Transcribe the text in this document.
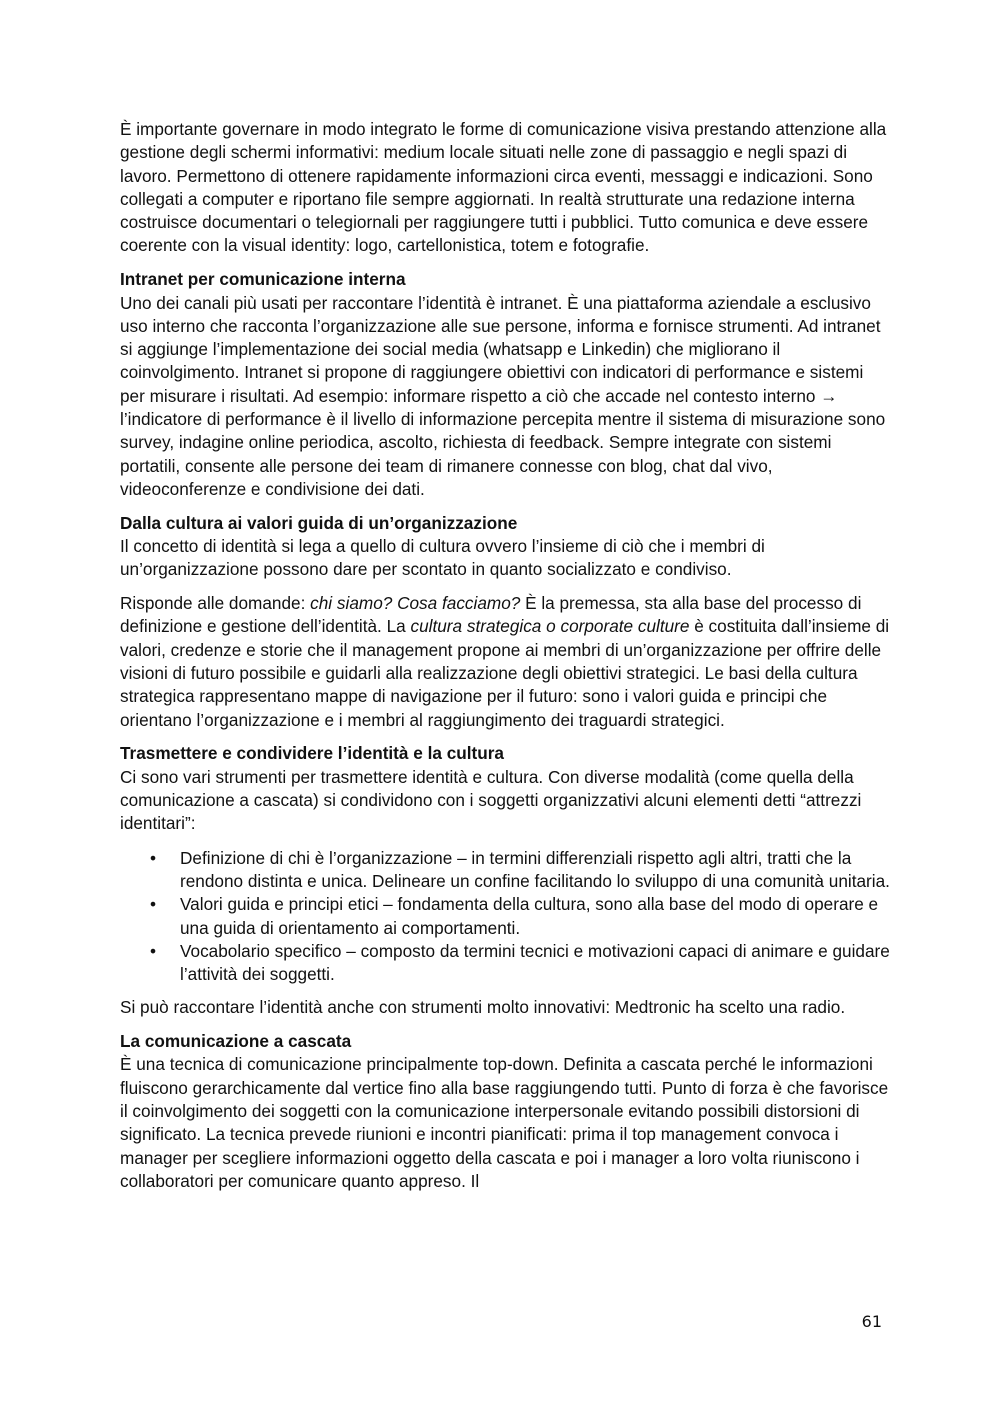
È importante governare in modo integrato le forme di comunicazione visiva prestando attenzione alla gestione degli schermi informativi: medium locale situati nelle zone di passaggio e negli spazi di lavoro. Permettono di ottenere rapidamente informazioni circa eventi, messaggi e indicazioni. Sono collegati a computer e riportano file sempre aggiornati. In realtà strutturate una redazione interna costruisce documentari o telegiornali per raggiungere tutti i pubblici. Tutto comunica e deve essere coerente con la visual identity: logo, cartellonistica, totem e fotografie.

Intranet per comunicazione interna
Uno dei canali più usati per raccontare l’identità è intranet. È una piattaforma aziendale a esclusivo uso interno che racconta l’organizzazione alle sue persone, informa e fornisce strumenti. Ad intranet si aggiunge l’implementazione dei social media (whatsapp e Linkedin) che migliorano il coinvolgimento. Intranet si propone di raggiungere obiettivi con indicatori di performance e sistemi per misurare i risultati. Ad esempio: informare rispetto a ciò che accade nel contesto interno → l’indicatore di performance è il livello di informazione percepita mentre il sistema di misurazione sono survey, indagine online periodica, ascolto, richiesta di feedback. Sempre integrate con sistemi portatili, consente alle persone dei team di rimanere connesse con blog, chat dal vivo, videoconferenze e condivisione dei dati.
Dalla cultura ai valori guida di un’organizzazione
Il concetto di identità si lega a quello di cultura ovvero l’insieme di ciò che i membri di un’organizzazione possono dare per scontato in quanto socializzato e condiviso.

Risponde alle domande: chi siamo? Cosa facciamo? È la premessa, sta alla base del processo di definizione e gestione dell’identità. La cultura strategica o corporate culture è costituita dall’insieme di valori, credenze e storie che il management propone ai membri di un’organizzazione per offrire delle visioni di futuro possibile e guidarli alla realizzazione degli obiettivi strategici. Le basi della cultura strategica rappresentano mappe di navigazione per il futuro: sono i valori guida e principi che orientano l’organizzazione e i membri al raggiungimento dei traguardi strategici.

Trasmettere e condividere l’identità e la cultura
Ci sono vari strumenti per trasmettere identità e cultura. Con diverse modalità (come quella della comunicazione a cascata) si condividono con i soggetti organizzativi alcuni elementi detti “attrezzi identitari”:
• Definizione di chi è l’organizzazione – in termini differenziali rispetto agli altri, tratti che la rendono distinta e unica. Delineare un confine facilitando lo sviluppo di una comunità unitaria.
• Valori guida e principi etici – fondamenta della cultura, sono alla base del modo di operare e una guida di orientamento ai comportamenti.
• Vocabolario specifico – composto da termini tecnici e motivazioni capaci di animare e guidare l’attività dei soggetti.

Si può raccontare l’identità anche con strumenti molto innovativi: Medtronic ha scelto una radio.

La comunicazione a cascata
È una tecnica di comunicazione principalmente top-down. Definita a cascata perché le informazioni fluiscono gerarchicamente dal vertice fino alla base raggiungendo tutti. Punto di forza è che favorisce il coinvolgimento dei soggetti con la comunicazione interpersonale evitando possibili distorsioni di significato. La tecnica prevede riunioni e incontri pianificati: prima il top management convoca i manager per scegliere informazioni oggetto della cascata e poi i manager a loro volta riuniscono i collaboratori per comunicare quanto appreso. Il
61
